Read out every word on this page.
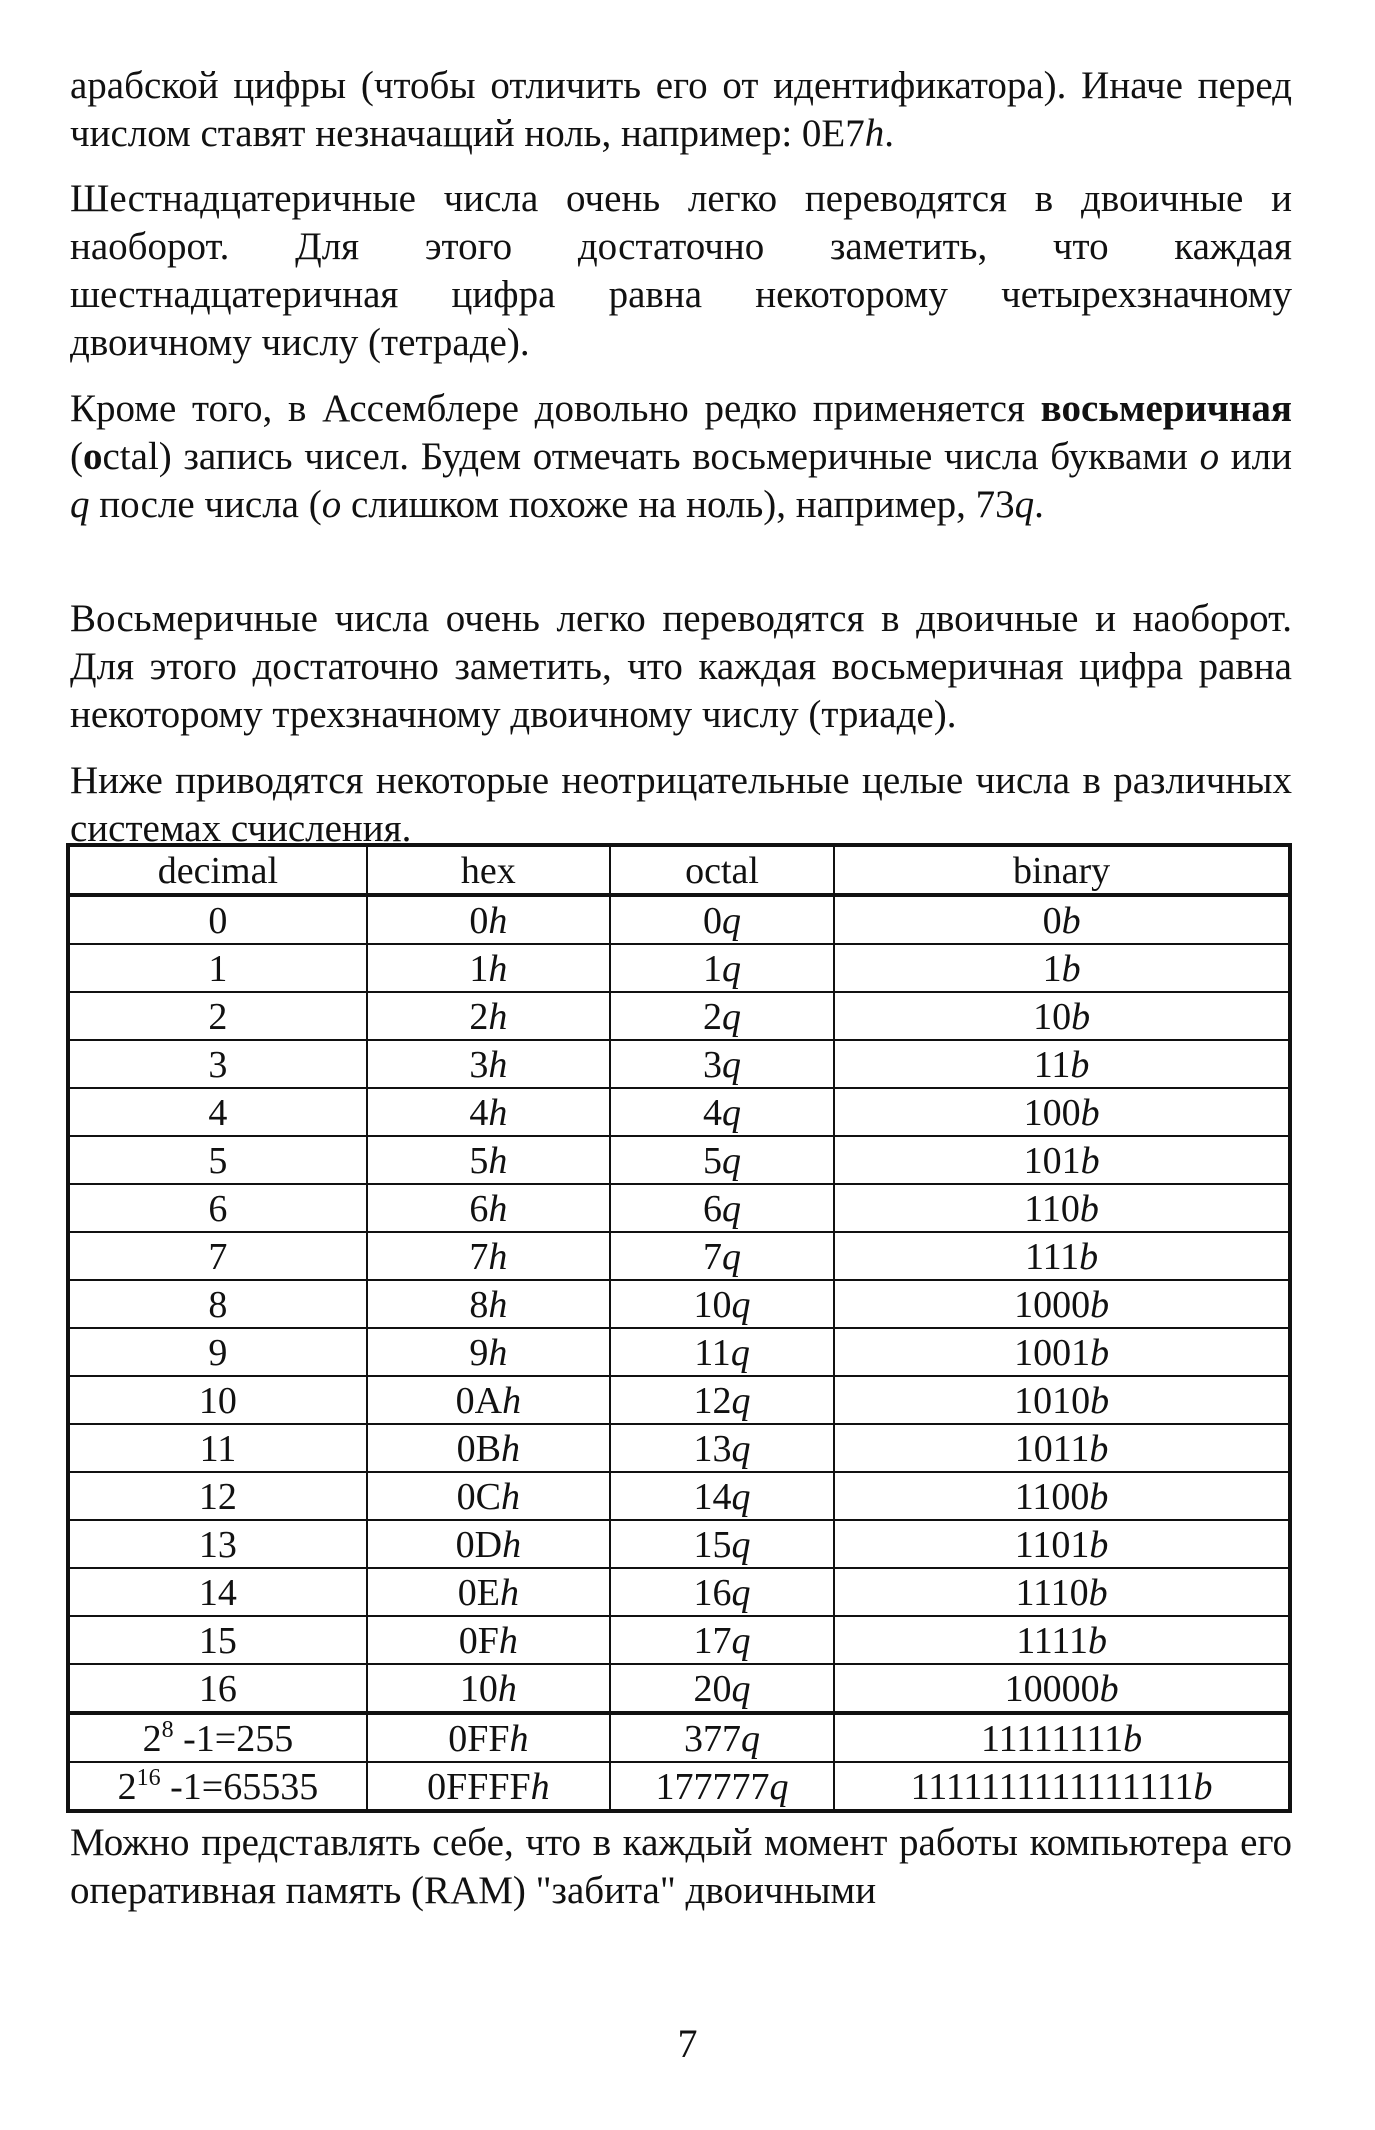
арабской цифры (чтобы отличить его от идентификатора). Иначе перед числом ставят незначащий ноль, например: 0E7h.

Шестнадцатеричные числа очень легко переводятся в двоичные и наоборот. Для этого достаточно заметить, что каждая шестнадцатеричная цифра равна некоторому четырехзначному двоичному числу (тетраде).

Кроме того, в Ассемблере довольно редко применяется восьмеричная (octal) запись чисел. Будем отмечать восьмеричные числа буквами o или q после числа (o слишком похоже на ноль), например, 73q.

Восьмеричные числа очень легко переводятся в двоичные и наоборот. Для этого достаточно заметить, что каждая восьмеричная цифра равна некоторому трехзначному двоичному числу (триаде).

Ниже приводятся некоторые неотрицательные целые числа в различных системах счисления.

decimal	hex	octal	binary
0	0h	0q	0b
1	1h	1q	1b
2	2h	2q	10b
3	3h	3q	11b
4	4h	4q	100b
5	5h	5q	101b
6	6h	6q	110b
7	7h	7q	111b
8	8h	10q	1000b
9	9h	11q	1001b
10	0Ah	12q	1010b
11	0Bh	13q	1011b
12	0Ch	14q	1100b
13	0Dh	15q	1101b
14	0Eh	16q	1110b
15	0Fh	17q	1111b
16	10h	20q	10000b
$2^8$ -1=255	0FFh	377q	11111111b
$2^{16}$ -1=65535	0FFFFh	177777q	1111111111111111b

Можно представлять себе, что в каждый момент работы компьютера его оперативная память (RAM) "забита" двоичными

7
